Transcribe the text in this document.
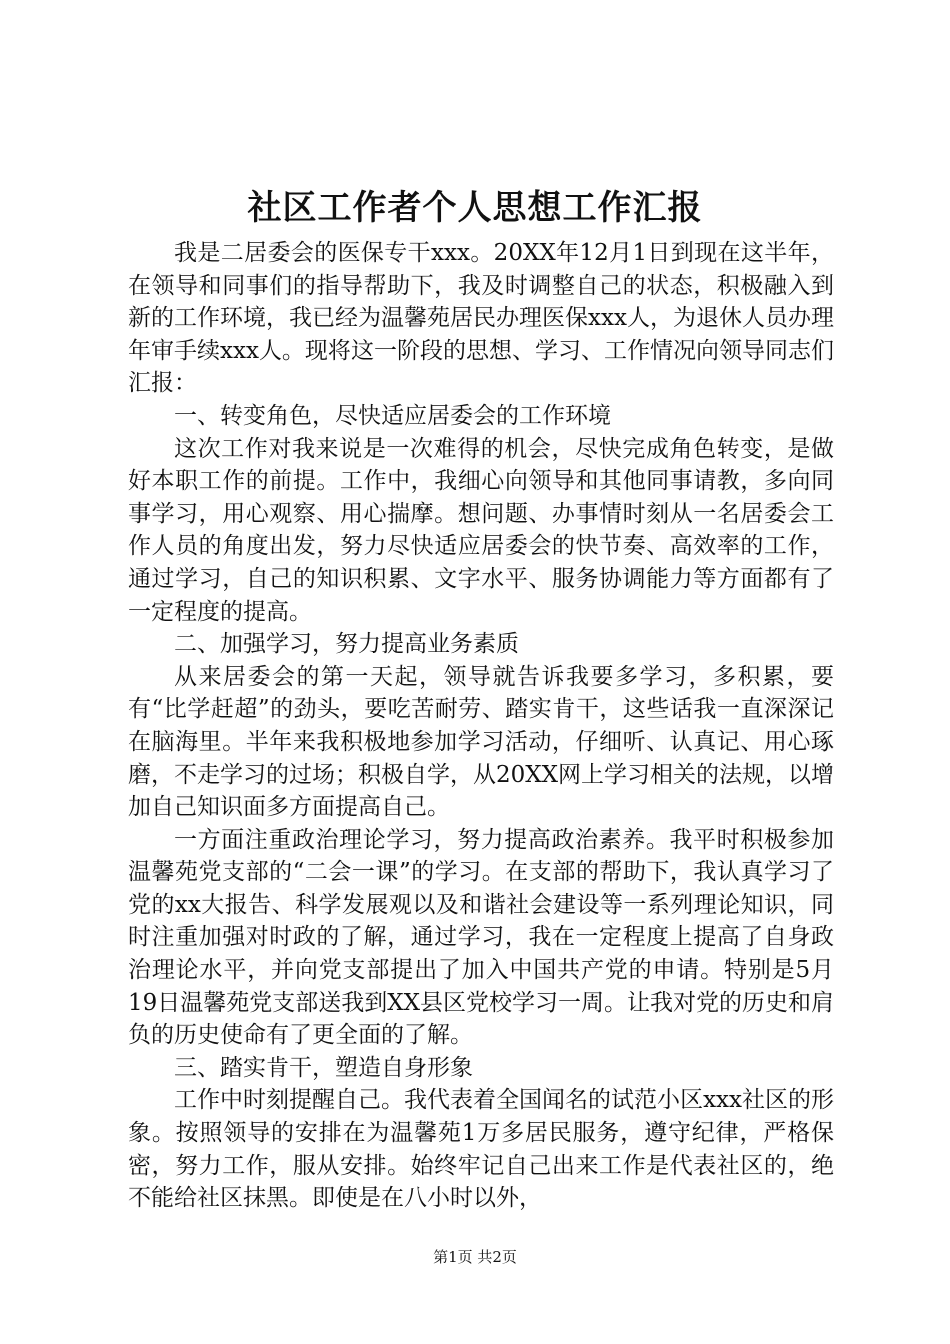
社区工作者个人思想工作汇报

我是二居委会的医保专干xxx。20XX年12月1日到现在这半年，在领导和同事们的指导帮助下，我及时调整自己的状态，积极融入到新的工作环境，我已经为温馨苑居民办理医保xxx人，为退休人员办理年审手续xxx人。现将这一阶段的思想、学习、工作情况向领导同志们汇报：

一、转变角色，尽快适应居委会的工作环境

这次工作对我来说是一次难得的机会，尽快完成角色转变，是做好本职工作的前提。工作中，我细心向领导和其他同事请教，多向同事学习，用心观察、用心揣摩。想问题、办事情时刻从一名居委会工作人员的角度出发，努力尽快适应居委会的快节奏、高效率的工作，通过学习，自己的知识积累、文字水平、服务协调能力等方面都有了一定程度的提高。

二、加强学习，努力提高业务素质

从来居委会的第一天起，领导就告诉我要多学习，多积累，要有“比学赶超”的劲头，要吃苦耐劳、踏实肯干，这些话我一直深深记在脑海里。半年来我积极地参加学习活动，仔细听、认真记、用心琢磨，不走学习的过场；积极自学，从20XX网上学习相关的法规，以增加自己知识面多方面提高自己。

一方面注重政治理论学习，努力提高政治素养。我平时积极参加温馨苑党支部的“二会一课”的学习。在支部的帮助下，我认真学习了党的xx大报告、科学发展观以及和谐社会建设等一系列理论知识，同时注重加强对时政的了解，通过学习，我在一定程度上提高了自身政治理论水平，并向党支部提出了加入中国共产党的申请。特别是5月19日温馨苑党支部送我到XX县区党校学习一周。让我对党的历史和肩负的历史使命有了更全面的了解。

三、踏实肯干，塑造自身形象

工作中时刻提醒自己。我代表着全国闻名的试范小区xxx社区的形象。按照领导的安排在为温馨苑1万多居民服务，遵守纪律，严格保密，努力工作，服从安排。始终牢记自己出来工作是代表社区的，绝不能给社区抹黑。即使是在八小时以外，

第1页 共2页
